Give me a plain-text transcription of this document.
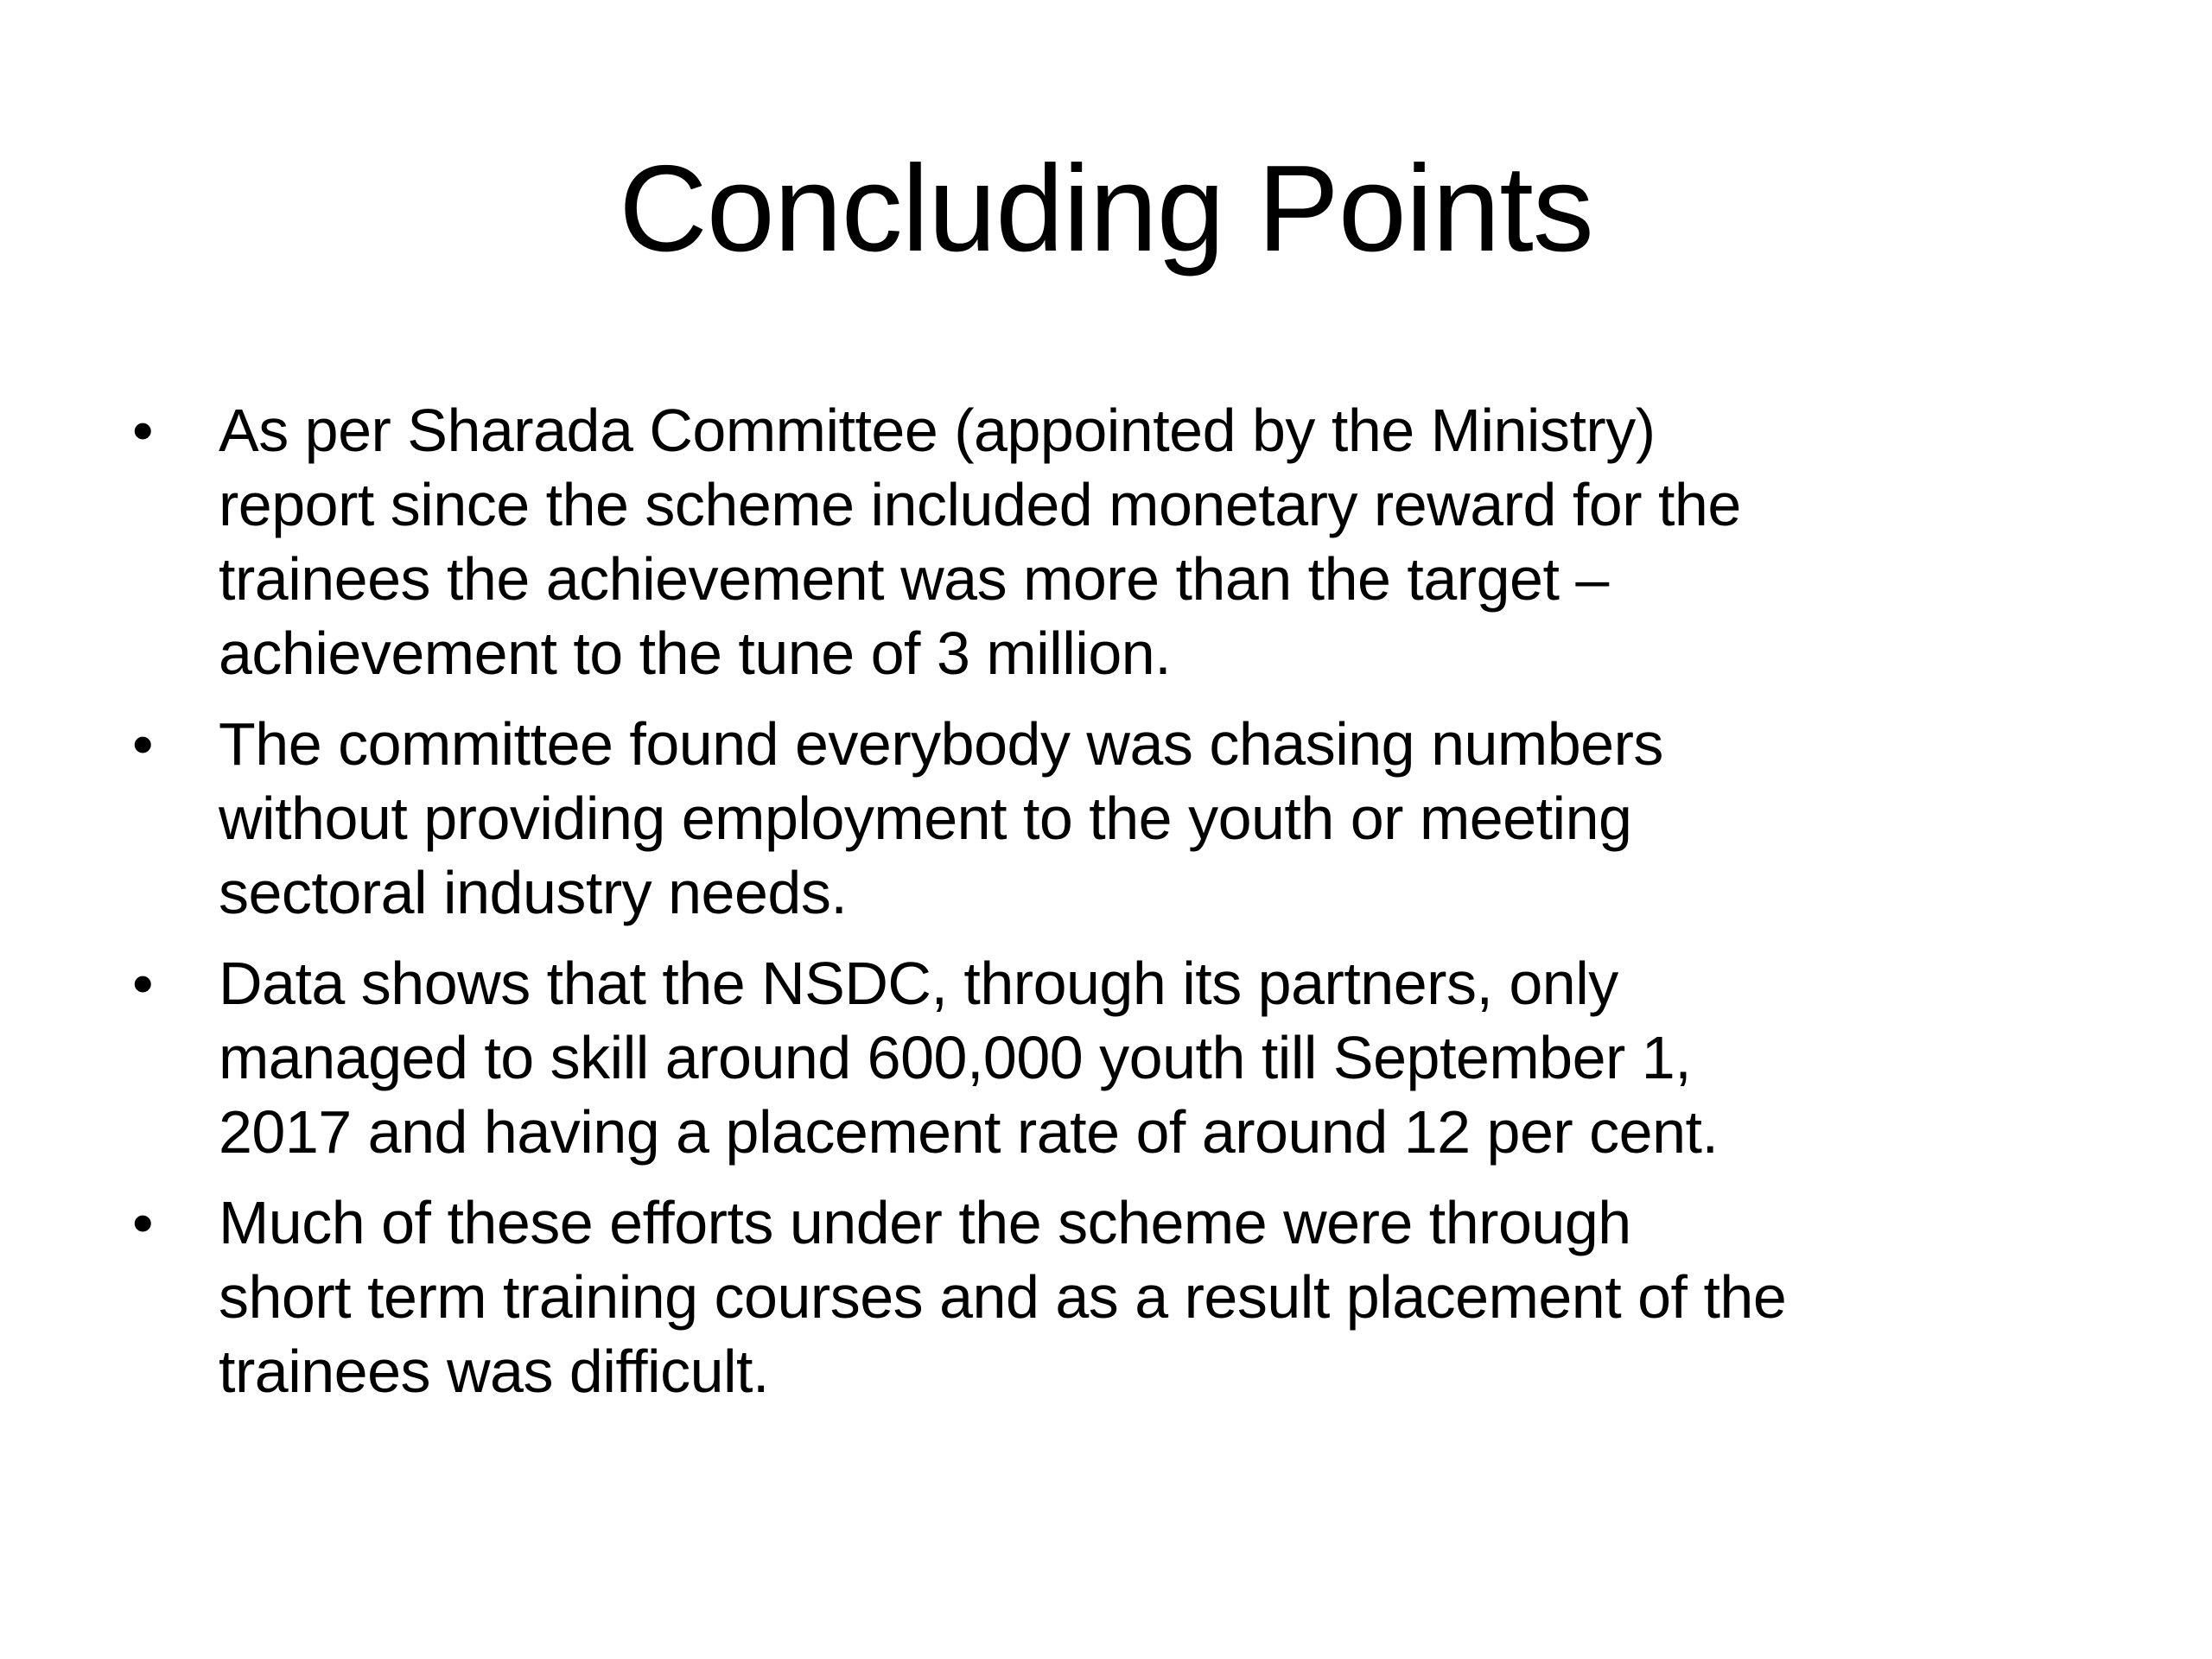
Concluding Points
•	As per Sharada Committee (appointed by the Ministry)
report since the scheme included monetary reward for the
trainees the achievement was more than the target –
achievement to the tune of 3 million.
•	The committee found everybody was chasing numbers
without providing employment to the youth or meeting
sectoral industry needs.
•	Data shows that the NSDC, through its partners, only
managed to skill around 600,000 youth till September 1,
2017 and having a placement rate of around 12 per cent.
•	Much of these efforts under the scheme were through
short term training courses and as a result placement of the
trainees was difficult.
